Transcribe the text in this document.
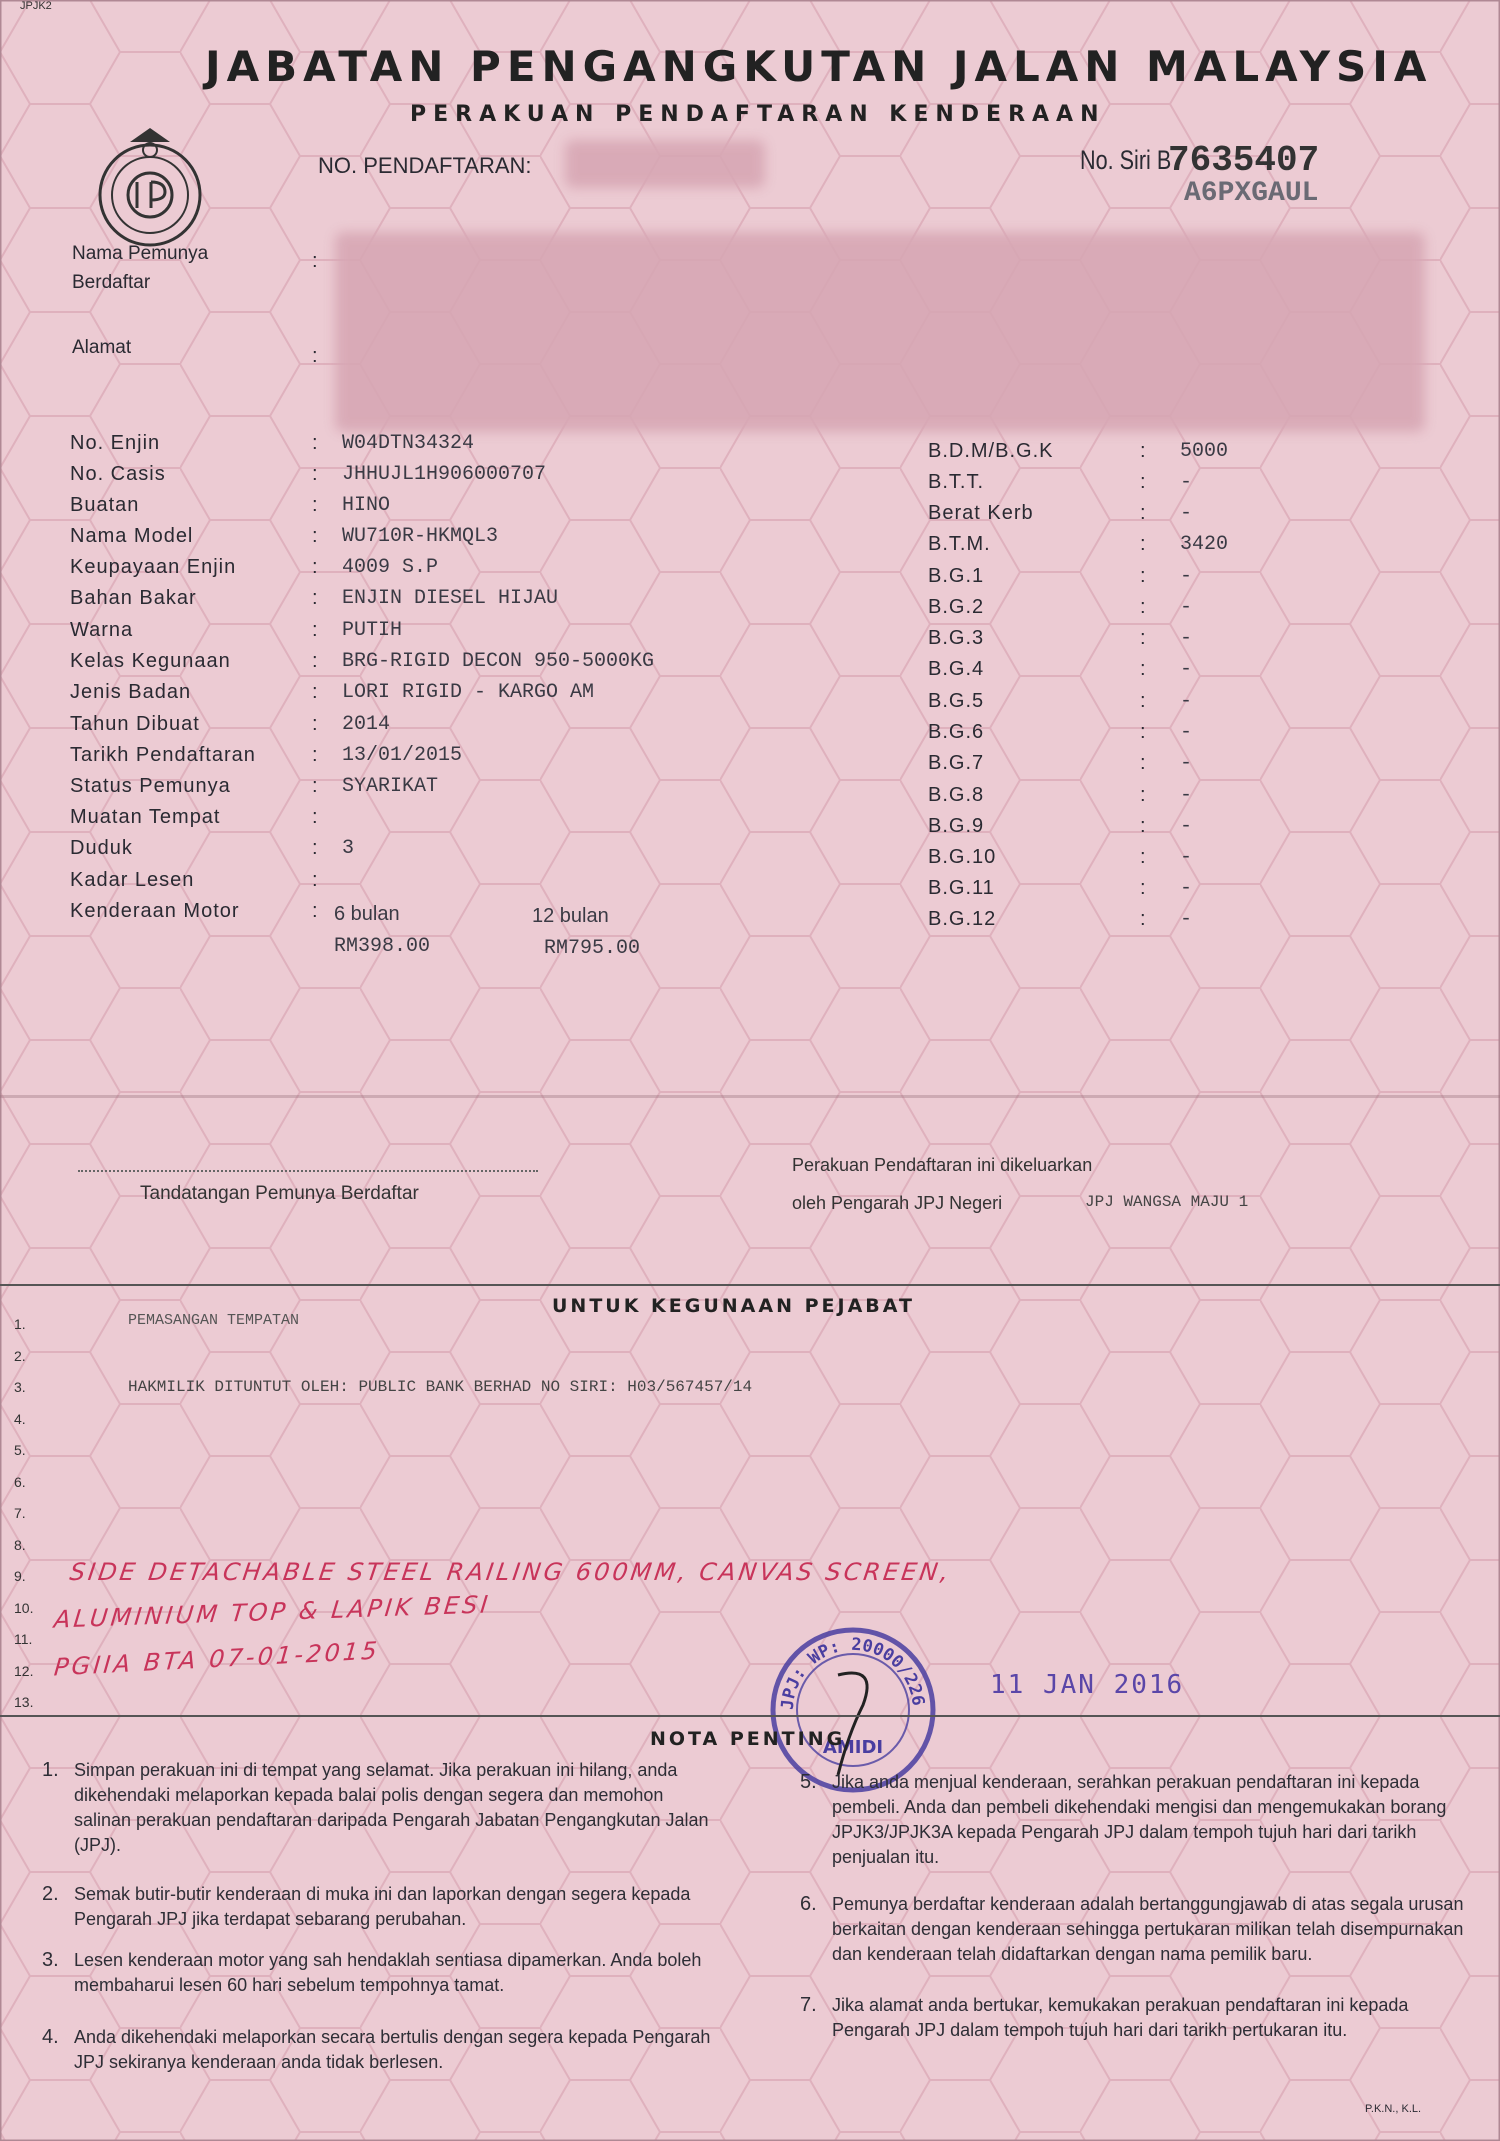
JPJK2
JABATAN PENGANGKUTAN JALAN MALAYSIA
PERAKUAN PENDAFTARAN KENDERAAN
NO. PENDAFTARAN:	No. Siri B
7635407
A6PXGAUL
Nama Pemunya
Berdaftar
Alamat
:
:
No. Enjin	: W04DTN34324
No. Casis	: JHHUJL1H906000707
Buatan	: HINO
Nama Model	: WU710R-HKMQL3
Keupayaan Enjin	: 4009 S.P
Bahan Bakar	: ENJIN DIESEL HIJAU
Warna	: PUTIH
Kelas Kegunaan	: BRG-RIGID DECON 950-5000KG
Jenis Badan	: LORI RIGID - KARGO AM
Tahun Dibuat	: 2014
Tarikh Pendaftaran	: 13/01/2015
Status Pemunya	: SYARIKAT
Muatan Tempat	:
Duduk	: 3
Kadar Lesen	:
Kenderaan Motor	:
B.D.M/B.G.K	: 5000
B.T.T.	: -
Berat Kerb	: -
B.T.M.	: 3420
B.G.1	: -
B.G.2	: -
B.G.3	: -
B.G.4	: -
B.G.5	: -
B.G.6	: -
B.G.7	: -
B.G.8	: -
B.G.9	: -
B.G.10	: -
B.G.11	: -
B.G.12	: -
6 bulan
RM398.00
12 bulan
RM795.00
Tandatangan Pemunya Berdaftar
Perakuan Pendaftaran ini dikeluarkan
oleh Pengarah JPJ Negeri	JPJ WANGSA MAJU 1
UNTUK KEGUNAAN PEJABAT
1.
2.
3.
4.
5.
6.
7.
8.
9.
10.
11.
12.
13.
PEMASANGAN TEMPATAN
HAKMILIK DITUNTUT OLEH: PUBLIC BANK BERHAD NO SIRI: H03/567457/14
SIDE DETACHABLE STEEL RAILING 600MM, CANVAS SCREEN,
ALUMINIUM TOP & LAPIK BESI
PGIIA BTA 07-01-2015
JPJ: WP: 20000/226
AMIDI
11 JAN 2016
NOTA PENTING
1. Simpan perakuan ini di tempat yang selamat. Jika perakuan ini hilang, anda dikehendaki melaporkan kepada balai polis dengan segera dan memohon salinan perakuan pendaftaran daripada Pengarah Jabatan Pengangkutan Jalan (JPJ).
2. Semak butir-butir kenderaan di muka ini dan laporkan dengan segera kepada Pengarah JPJ jika terdapat sebarang perubahan.
3. Lesen kenderaan motor yang sah hendaklah sentiasa dipamerkan. Anda boleh membaharui lesen 60 hari sebelum tempohnya tamat.
4. Anda dikehendaki melaporkan secara bertulis dengan segera kepada Pengarah JPJ sekiranya kenderaan anda tidak berlesen.
5. Jika anda menjual kenderaan, serahkan perakuan pendaftaran ini kepada pembeli. Anda dan pembeli dikehendaki mengisi dan mengemukakan borang JPJK3/JPJK3A kepada Pengarah JPJ dalam tempoh tujuh hari dari tarikh penjualan itu.
6. Pemunya berdaftar kenderaan adalah bertanggungjawab di atas segala urusan berkaitan dengan kenderaan sehingga pertukaran milikan telah disempurnakan dan kenderaan telah didaftarkan dengan nama pemilik baru.
7. Jika alamat anda bertukar, kemukakan perakuan pendaftaran ini kepada Pengarah JPJ dalam tempoh tujuh hari dari tarikh pertukaran itu.
P.K.N., K.L.
